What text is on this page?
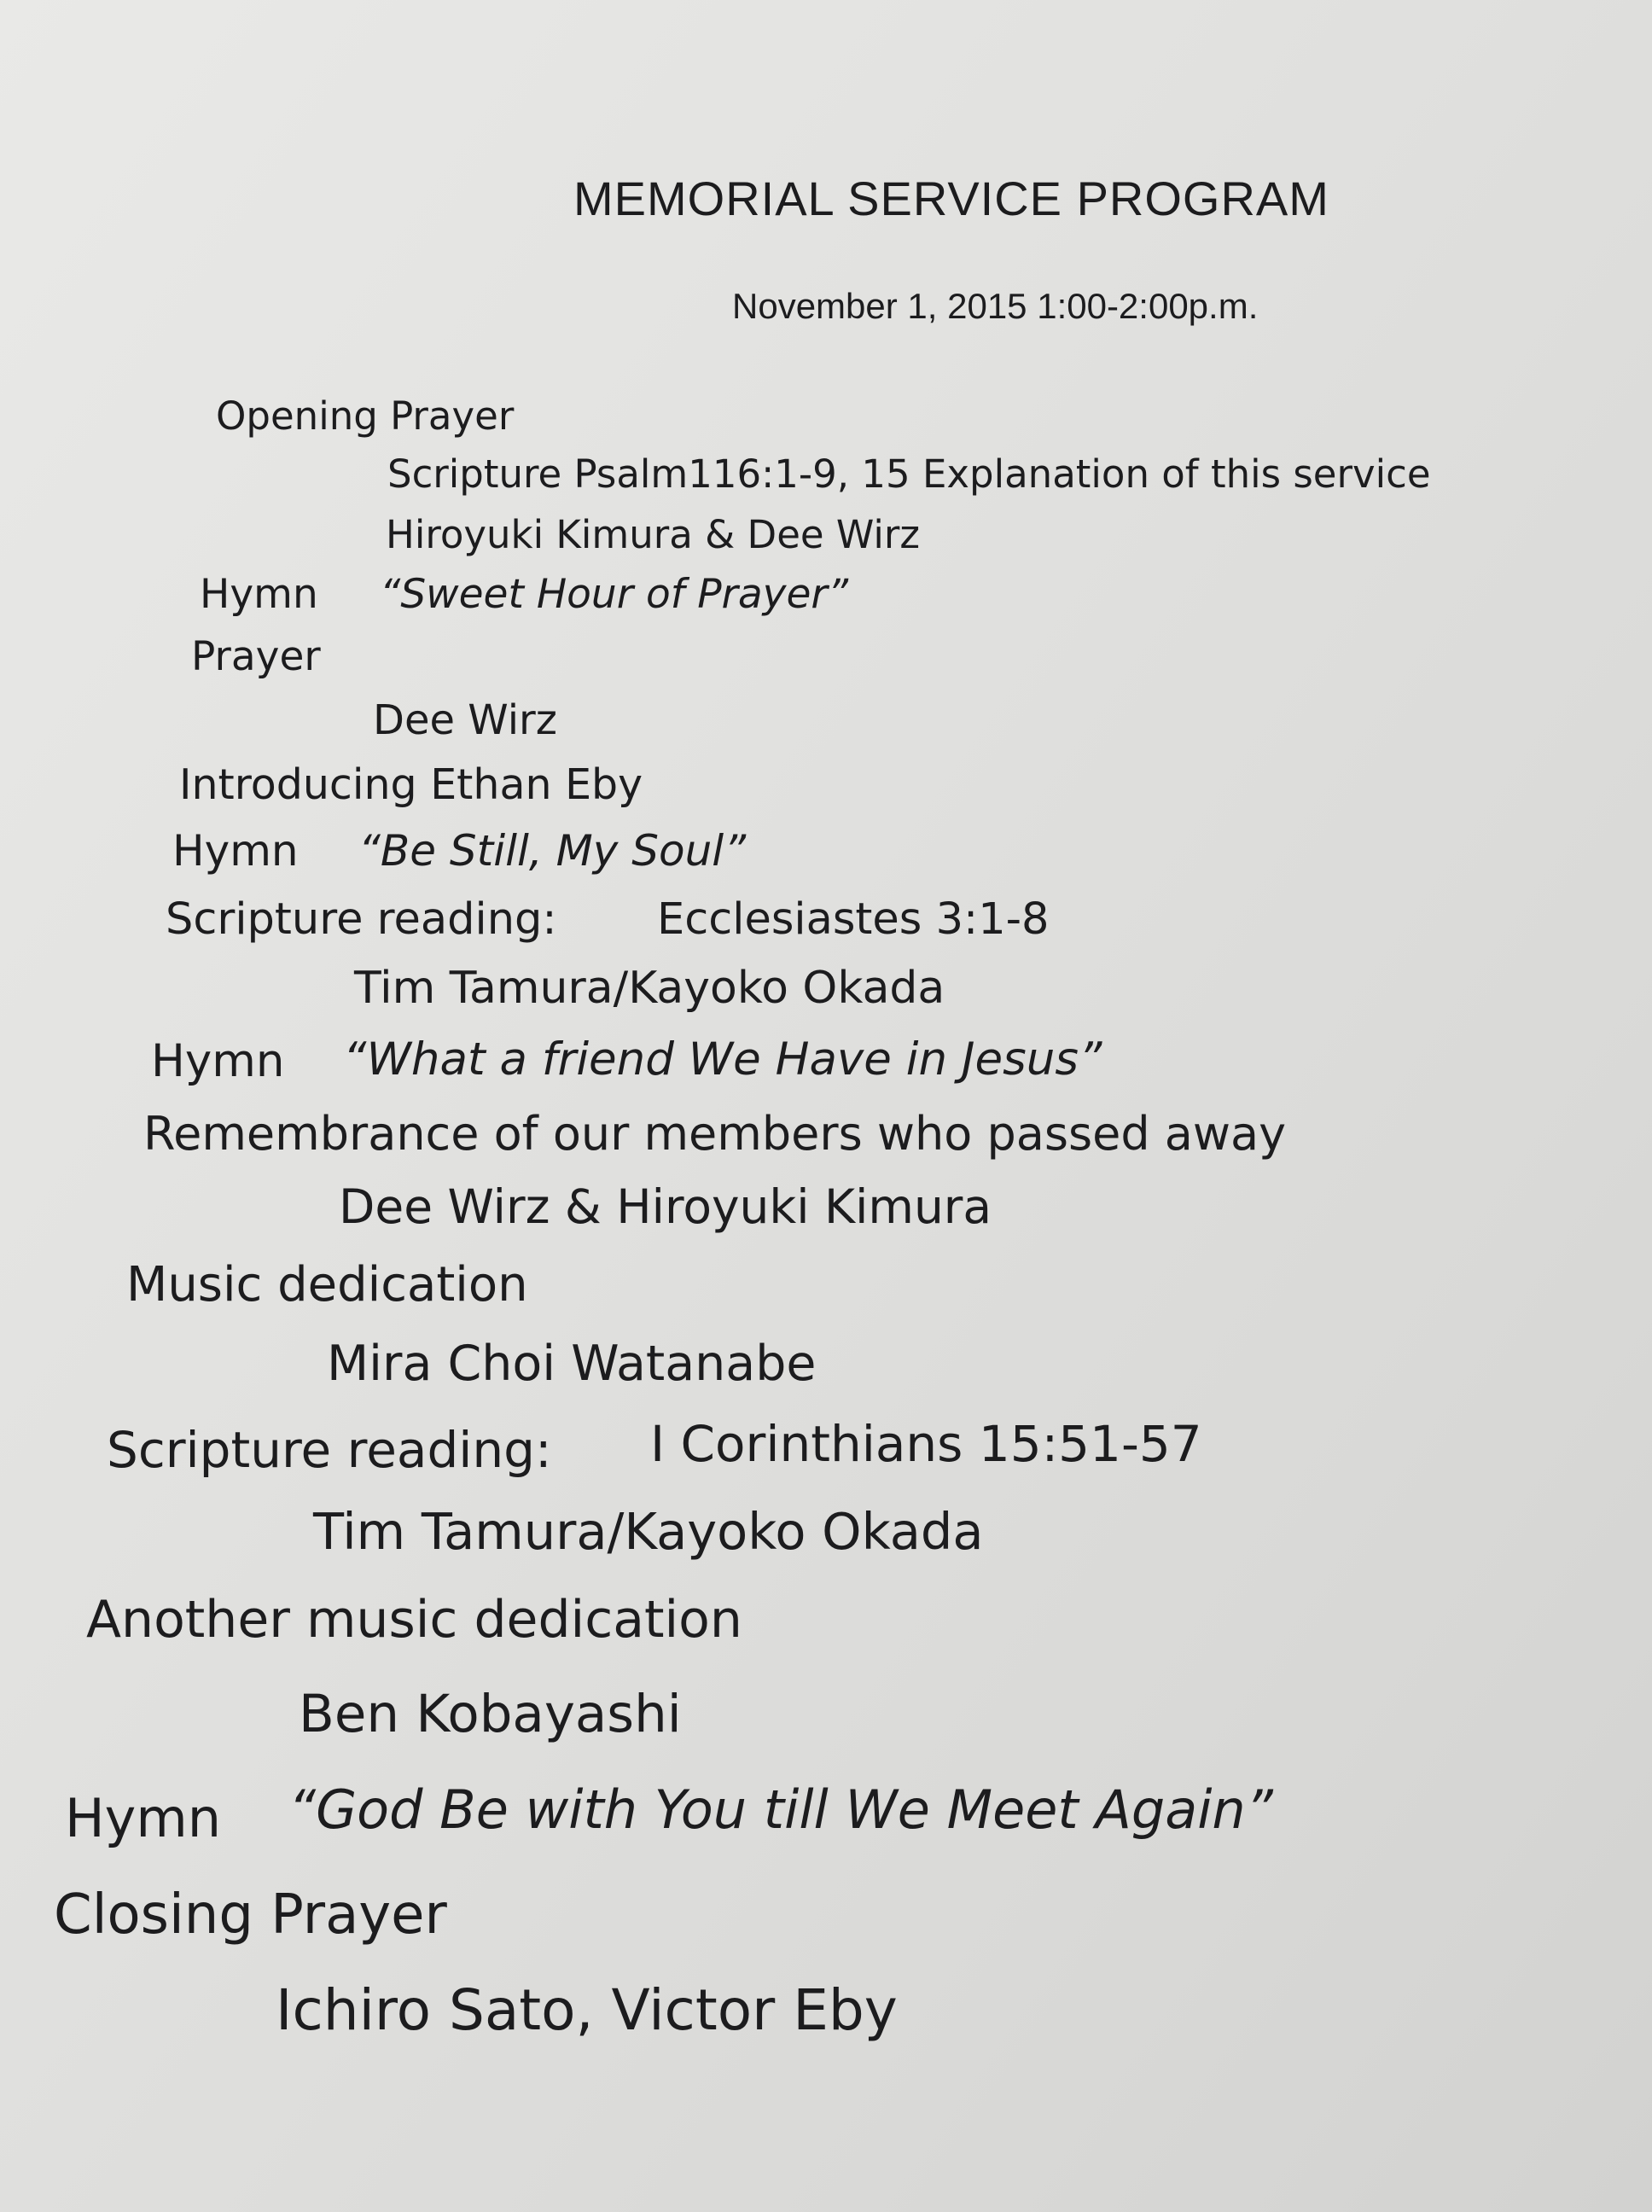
MEMORIAL SERVICE PROGRAM
November 1, 2015 1:00-2:00p.m.
Opening Prayer
Scripture Psalm116:1-9, 15 Explanation of this service
Hiroyuki Kimura & Dee Wirz
Hymn “Sweet Hour of Prayer”
Prayer
Dee Wirz
Introducing Ethan Eby
Hymn “Be Still, My Soul”
Scripture reading: Ecclesiastes 3:1-8
Tim Tamura/Kayoko Okada
Hymn “What a friend We Have in Jesus”
Remembrance of our members who passed away
Dee Wirz & Hiroyuki Kimura
Music dedication
Mira Choi Watanabe
Scripture reading: I Corinthians 15:51-57
Tim Tamura/Kayoko Okada
Another music dedication
Ben Kobayashi
Hymn “God Be with You till We Meet Again”
Closing Prayer
Ichiro Sato, Victor Eby
